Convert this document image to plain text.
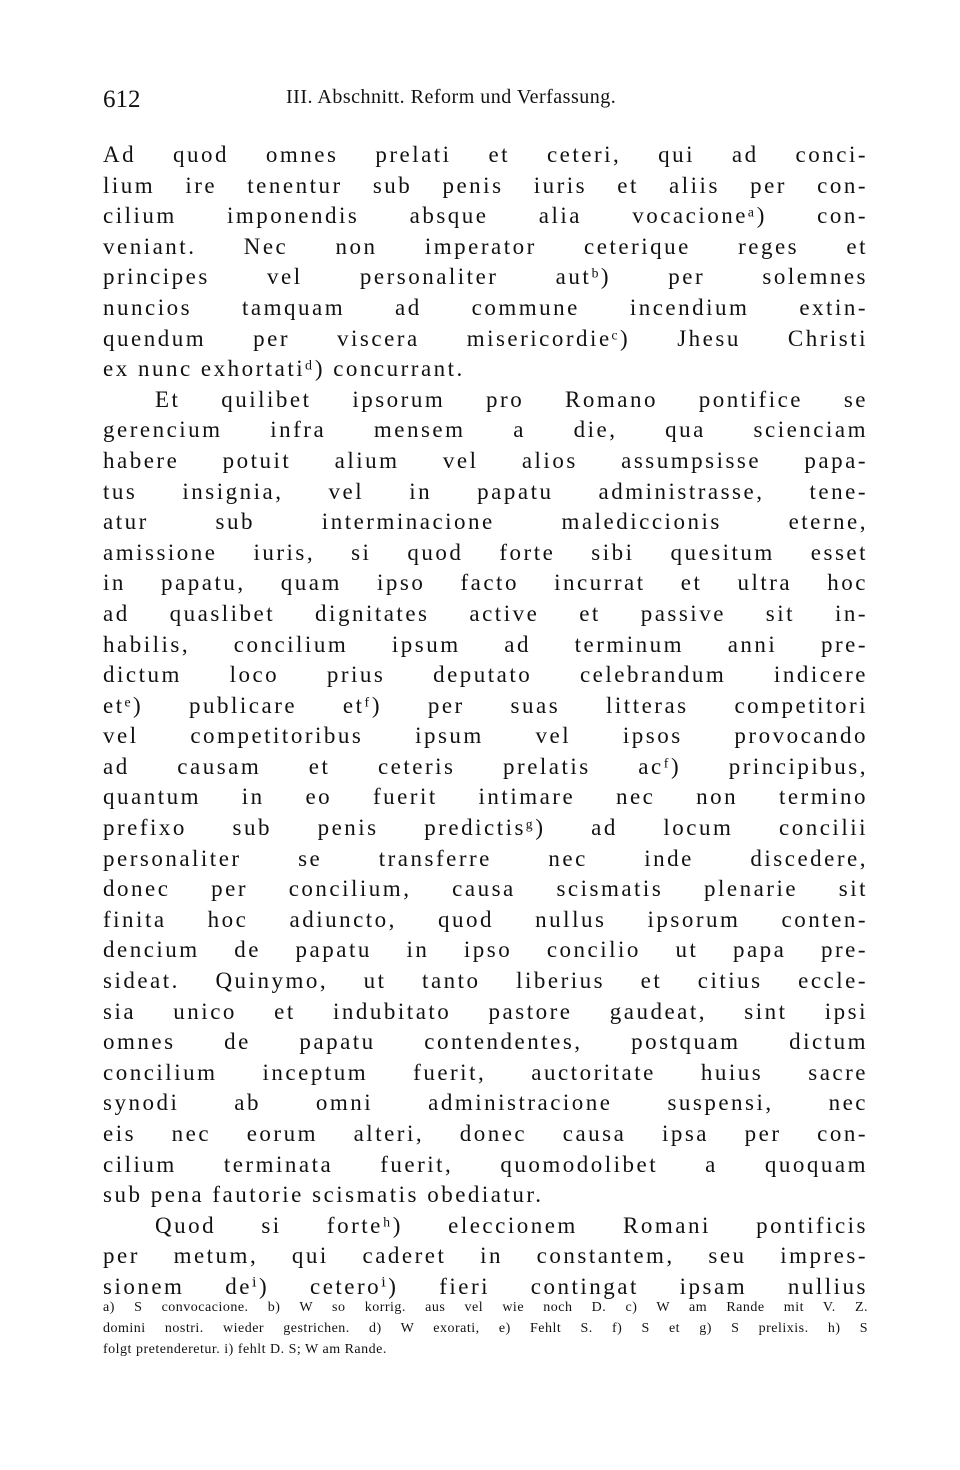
612	III. Abschnitt. Reform und Verfassung.
Ad quod omnes prelati et ceteri, qui ad conci-
lium ire tenentur sub penis iuris et aliis per con-
cilium imponendis absque alia vocacioneᵃ) con-
veniant. Nec non imperator ceterique reges et
principes vel personaliter autᵇ) per solemnes
nuncios tamquam ad commune incendium extin-
quendum per viscera misericordieᶜ) Jhesu Christi
ex nunc exhortatiᵈ) concurrant.
Et quilibet ipsorum pro Romano pontifice se
gerencium infra mensem a die, qua scienciam
habere potuit alium vel alios assumpsisse papa-
tus insignia, vel in papatu administrasse, tene-
atur sub interminacione malediccionis eterne,
amissione iuris, si quod forte sibi quesitum esset
in papatu, quam ipso facto incurrat et ultra hoc
ad quaslibet dignitates active et passive sit in-
habilis, concilium ipsum ad terminum anni pre-
dictum loco prius deputato celebrandum indicere
etᵉ) publicare etᶠ) per suas litteras competitori
vel competitoribus ipsum vel ipsos provocando
ad causam et ceteris prelatis acᶠ) principibus,
quantum in eo fuerit intimare nec non termino
prefixo sub penis predictisᵍ) ad locum concilii
personaliter se transferre nec inde discedere,
donec per concilium, causa scismatis plenarie sit
finita hoc adiuncto, quod nullus ipsorum conten-
dencium de papatu in ipso concilio ut papa pre-
sideat. Quinymo, ut tanto liberius et citius eccle-
sia unico et indubitato pastore gaudeat, sint ipsi
omnes de papatu contendentes, postquam dictum
concilium inceptum fuerit, auctoritate huius sacre
synodi ab omni administracione suspensi, nec
eis nec eorum alteri, donec causa ipsa per con-
cilium terminata fuerit, quomodolibet a quoquam
sub pena fautorie scismatis obediatur.
Quod si forteʰ) eleccionem Romani pontificis
per metum, qui caderet in constantem, seu impres-
sionem deⁱ) ceteroⁱ) fieri contingat ipsam nullius
a) S convocacione. b) W so korrig. aus vel wie noch D. c) W am Rande mit V. Z.
domini nostri. wieder gestrichen. d) W exorati, e) Fehlt S. f) S et g) S prelixis. h) S
folgt pretenderetur. i) fehlt D. S; W am Rande.
